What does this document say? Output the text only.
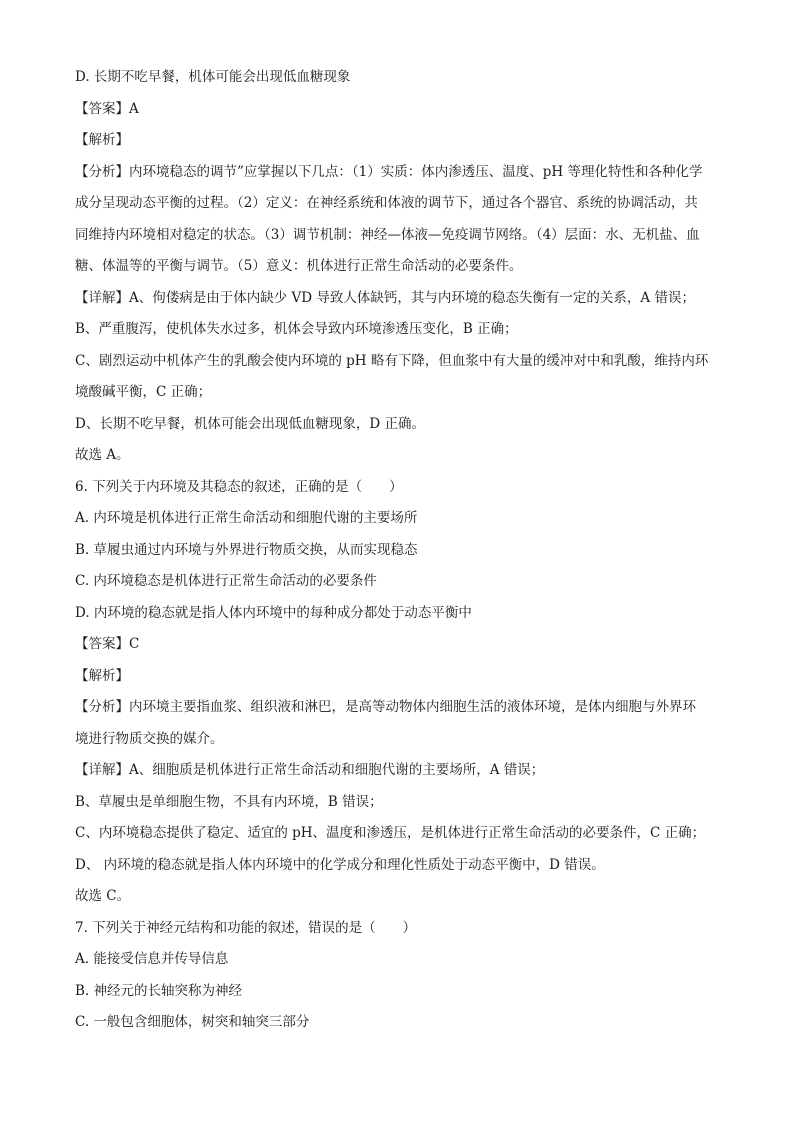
D. 长期不吃早餐，机体可能会出现低血糖现象
【答案】A
【解析】
【分析】内环境稳态的调节”应掌握以下几点：（1）实质：体内渗透压、温度、pH 等理化特性和各种化学
成分呈现动态平衡的过程。（2）定义：在神经系统和体液的调节下，通过各个器官、系统的协调活动，共
同维持内环境相对稳定的状态。（3）调节机制：神经—体液—免疫调节网络。（4）层面：水、无机盐、血
糖、体温等的平衡与调节。（5）意义：机体进行正常生命活动的必要条件。
【详解】A、佝偻病是由于体内缺少 VD 导致人体缺钙，其与内环境的稳态失衡有一定的关系，A 错误；
B、严重腹泻，使机体失水过多，机体会导致内环境渗透压变化，B 正确；
C、剧烈运动中机体产生的乳酸会使内环境的 pH 略有下降，但血浆中有大量的缓冲对中和乳酸，维持内环
境酸碱平衡，C 正确；
D、长期不吃早餐，机体可能会出现低血糖现象，D 正确。
故选 A。
6. 下列关于内环境及其稳态的叙述，正确的是（　　）
A. 内环境是机体进行正常生命活动和细胞代谢的主要场所
B. 草履虫通过内环境与外界进行物质交换，从而实现稳态
C. 内环境稳态是机体进行正常生命活动的必要条件
D. 内环境的稳态就是指人体内环境中的每种成分都处于动态平衡中
【答案】C
【解析】
【分析】内环境主要指血浆、组织液和淋巴，是高等动物体内细胞生活的液体环境，是体内细胞与外界环
境进行物质交换的媒介。
【详解】A、细胞质是机体进行正常生命活动和细胞代谢的主要场所，A 错误；
B、草履虫是单细胞生物，不具有内环境，B 错误；
C、内环境稳态提供了稳定、适宜的 pH、温度和渗透压，是机体进行正常生命活动的必要条件，C 正确；
D、 内环境的稳态就是指人体内环境中的化学成分和理化性质处于动态平衡中，D 错误。
故选 C。
7. 下列关于神经元结构和功能的叙述，错误的是（　　）
A. 能接受信息并传导信息
B. 神经元的长轴突称为神经
C. 一般包含细胞体，树突和轴突三部分
